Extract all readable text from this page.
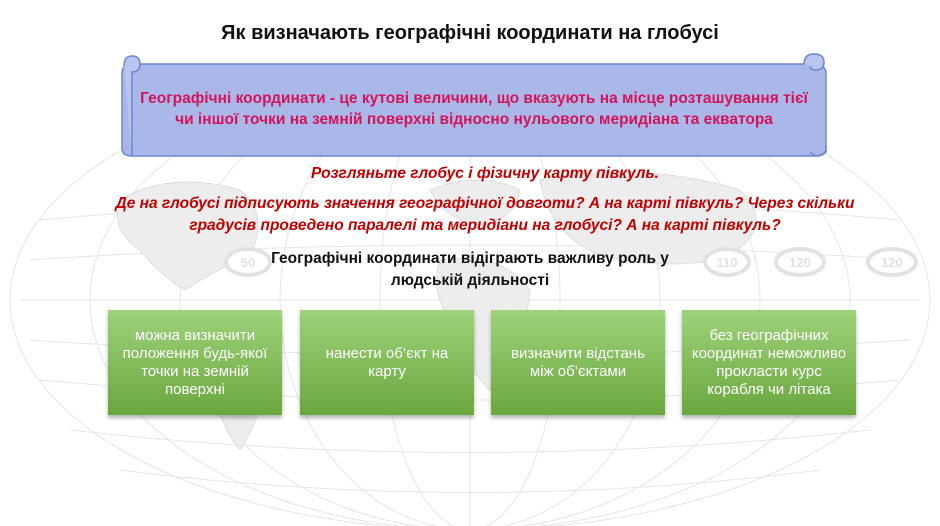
50	110	120	120
Як визначають географічні координати на глобусі
Географічні координати - це кутові величини, що вказують на місце розташування тієї чи іншої точки на земній поверхні відносно нульового меридіана та екватора
Розгляньте глобус і фізичну карту півкуль.
Де на глобусі підписують значення географічної довготи? А на карті півкуль? Через скільки градусів проведено паралелі та меридіани на глобусі? А на карті півкуль?
Географічні координати відіграють важливу роль у людській діяльності
можна визначити положення будь-якої точки на земній поверхні
нанести об’єкт на карту
визначити відстань між об’єктами
без географічних координат неможливо прокласти курс корабля чи літака
